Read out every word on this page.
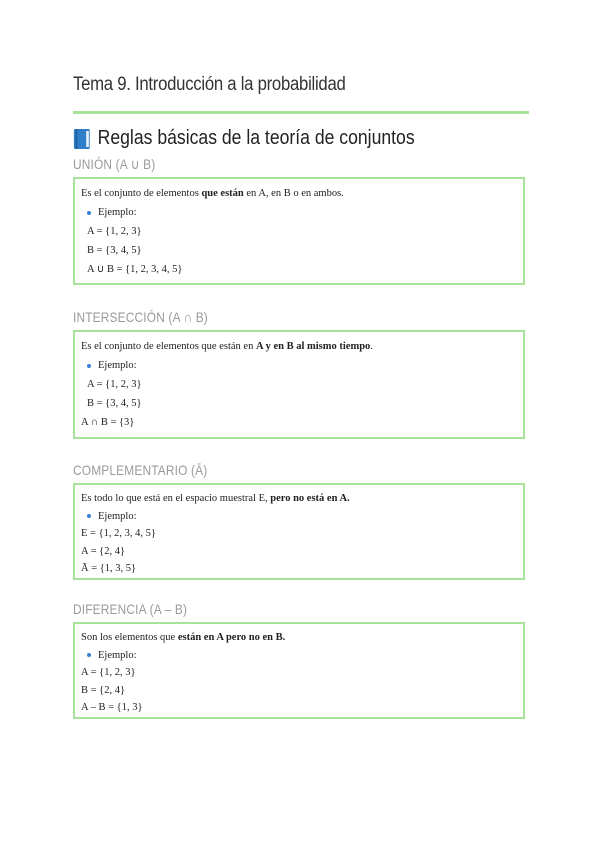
Tema 9. Introducción a la probabilidad
Reglas básicas de la teoría de conjuntos
UNIÓN (A ∪ B)

Es el conjunto de elementos que están en A, en B o en ambos.

Ejemplo:

A = {1, 2, 3}

B = {3, 4, 5}

A ∪ B = {1, 2, 3, 4, 5}

INTERSECCIÓN (A ∩ B)

Es el conjunto de elementos que están en A y en B al mismo tiempo.

Ejemplo:

A = {1, 2, 3}

B = {3, 4, 5}

A ∩ B = {3}

COMPLEMENTARIO (Ā)

Es todo lo que está en el espacio muestral E, pero no está en A.

Ejemplo:

E = {1, 2, 3, 4, 5}

A = {2, 4}

Ā = {1, 3, 5}

DIFERENCIA (A – B)

Son los elementos que están en A pero no en B.

Ejemplo:

A = {1, 2, 3}

B = {2, 4}

A – B = {1, 3}
